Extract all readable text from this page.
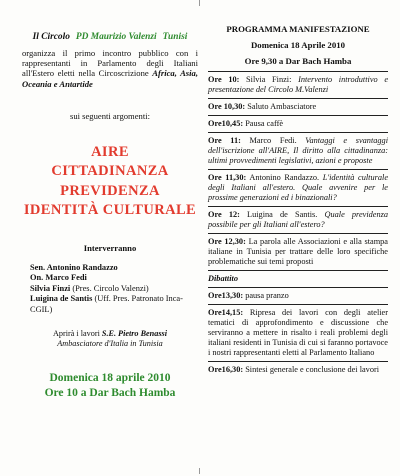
Il Circolo PD Maurizio Valenzi Tunisi

organizza il primo incontro pubblico con i rappresentanti in Parlamento degli Italiani all'Estero eletti nella Circoscrizione Africa, Asia, Oceania e Antartide

sui seguenti argomenti:
AIRE
CITTADINANZA
PREVIDENZA
IDENTITÀ CULTURALE
Interverranno
Sen. Antonino Randazzo
On. Marco Fedi
Silvia Finzi (Pres. Circolo Valenzi)
Luigina de Santis (Uff. Pres. Patronato Inca-CGIL)
Aprirà i lavori S.E. Pietro Benassi
Ambasciatore d'Italia in Tunisia
Domenica 18 aprile 2010
Ore 10 a Dar Bach Hamba
PROGRAMMA MANIFESTAZIONE
Domenica 18 Aprile 2010
Ore 9,30 a Dar Bach Hamba
Ore 10: Silvia Finzi: Intervento introduttivo e presentazione del Circolo M.Valenzi
Ore 10,30: Saluto Ambasciatore
Ore10,45: Pausa caffè
Ore 11: Marco Fedi. Vantaggi e svantaggi dell'iscrizione all'AIRE, Il diritto alla cittadinanza: ultimi provvedimenti legislativi, azioni e proposte
Ore 11,30: Antonino Randazzo. L'identità culturale degli Italiani all'estero. Quale avvenire per le prossime generazioni ed i binazionali?
Ore 12: Luigina de Santis. Quale previdenza possibile per gli Italiani all'estero?
Ore 12,30: La parola alle Associazioni e alla stampa italiane in Tunisia per trattare delle loro specifiche problematiche sui temi proposti
Dibattito
Ore13,30: pausa pranzo
Ore14,15: Ripresa dei lavori con degli atelier tematici di approfondimento e discussione che serviranno a mettere in risalto i reali problemi degli italiani residenti in Tunisia di cui si faranno portavoce i nostri rappresentanti eletti al Parlamento Italiano
Ore16,30: Sintesi generale e conclusione dei lavori
